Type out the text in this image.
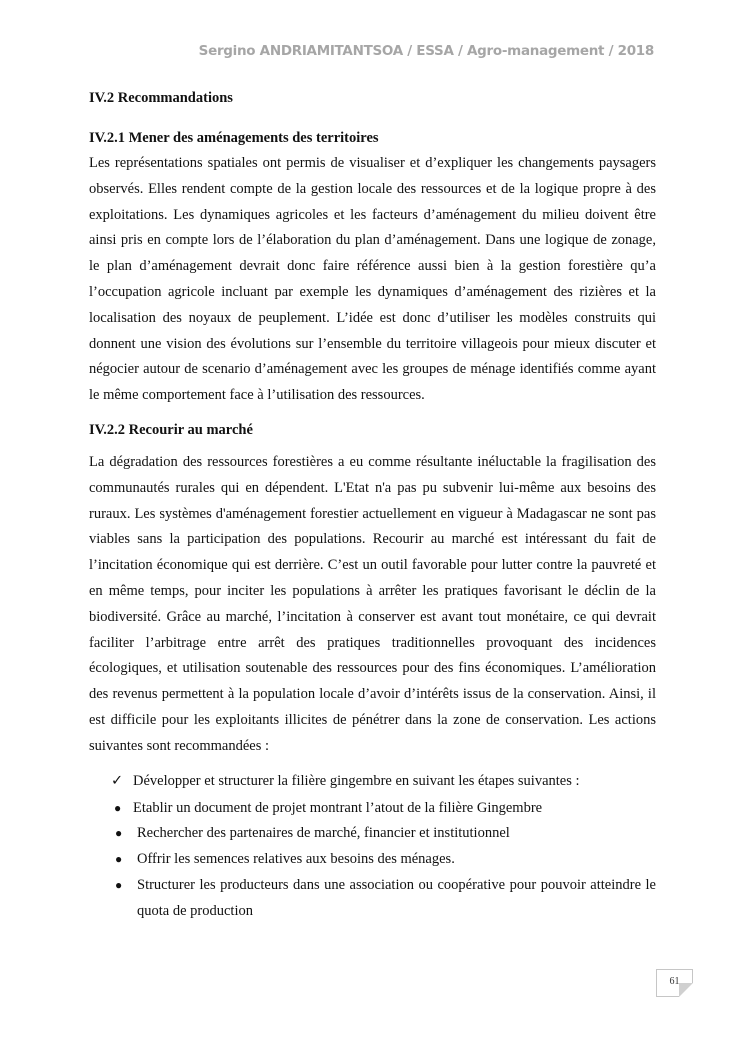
Sergino ANDRIAMITANTSOA / ESSA / Agro-management / 2018

IV.2 Recommandations

IV.2.1 Mener des aménagements des territoires

Les représentations spatiales ont permis de visualiser et d’expliquer les changements paysagers observés. Elles rendent compte de la gestion locale des ressources et de la logique propre à des exploitations. Les dynamiques agricoles et les facteurs d’aménagement du milieu doivent être ainsi pris en compte lors de l’élaboration du plan d’aménagement. Dans une logique de zonage, le plan d’aménagement devrait donc faire référence aussi bien à la gestion forestière qu’a l’occupation agricole incluant par exemple les dynamiques d’aménagement des rizières et la localisation des noyaux de peuplement. L’idée est donc d’utiliser les modèles construits qui donnent une vision des évolutions sur l’ensemble du territoire villageois pour mieux discuter et négocier autour de scenario d’aménagement avec les groupes de ménage identifiés comme ayant le même comportement face à l’utilisation des ressources.

IV.2.2 Recourir au marché

La dégradation des ressources forestières a eu comme résultante inéluctable la fragilisation des communautés rurales qui en dépendent. L'Etat n'a pas pu subvenir lui-même aux besoins des ruraux. Les systèmes d'aménagement forestier actuellement en vigueur à Madagascar ne sont pas viables sans la participation des populations. Recourir au marché est intéressant du fait de l’incitation économique qui est derrière. C’est un outil favorable pour lutter contre la pauvreté et en même temps, pour inciter les populations à arrêter les pratiques favorisant le déclin de la biodiversité. Grâce au marché, l’incitation à conserver est avant tout monétaire, ce qui devrait faciliter l’arbitrage entre arrêt des pratiques traditionnelles provoquant des incidences écologiques, et utilisation soutenable des ressources pour des fins économiques. L’amélioration des revenus permettent à la population locale d’avoir d’intérêts issus de la conservation. Ainsi, il est difficile pour les exploitants illicites de pénétrer dans la zone de conservation. Les actions suivantes sont recommandées :

✓ Développer et structurer la filière gingembre en suivant les étapes suivantes :
● Etablir un document de projet montrant l’atout de la filière Gingembre
● Rechercher des partenaires de marché, financier et institutionnel
● Offrir les semences relatives aux besoins des ménages.
● Structurer les producteurs dans une association ou coopérative pour pouvoir atteindre le quota de production
61
